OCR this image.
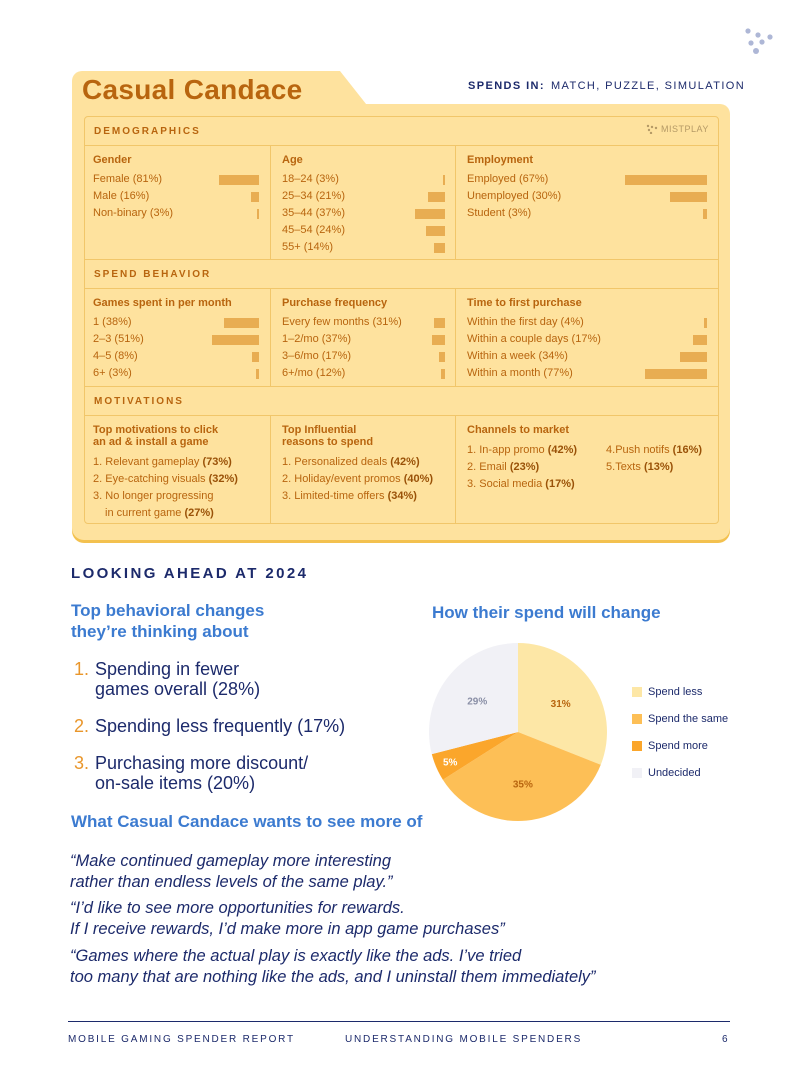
Casual Candace	SPENDS IN: MATCH, PUZZLE, SIMULATION
DEMOGRAPHICS
SPEND BEHAVIOR
MOTIVATIONS
MISTPLAY
Gender
Female (81%)
Male (16%)
Non-binary (3%)
Age
18–24 (3%)
25–34 (21%)
35–44 (37%)
45–54 (24%)
55+ (14%)
Employment
Employed (67%)
Unemployed (30%)
Student (3%)
Games spent in per month
1 (38%)
2–3 (51%)
4–5 (8%)
6+ (3%)
Purchase frequency
Every few months (31%)
1–2/mo (37%)
3–6/mo (17%)
6+/mo (12%)
Time to first purchase
Within the first day (4%)
Within a couple days (17%)
Within a week (34%)
Within a month (77%)
Top motivations to click
an ad & install a game
1. Relevant gameplay (73%)
2. Eye-catching visuals (32%)
3. No longer progressing
in current game (27%)
Top Influential
reasons to spend
1. Personalized deals (42%)
2. Holiday/event promos (40%)
3. Limited-time offers (34%)
Channels to market
1. In-app promo (42%)
2. Email (23%)
3. Social media (17%)
4.Push notifs (16%)
5.Texts (13%)
LOOKING AHEAD AT 2024
Top behavioral changes
they’re thinking about
1. Spending in fewer
games overall (28%)
2. Spending less frequently (17%)
3. Purchasing more discount/
on-sale items (20%)
How their spend will change
31%
35%
5%
29%
Spend less
Spend the same
Spend more
Undecided
What Casual Candace wants to see more of
“Make continued gameplay more interesting
rather than endless levels of the same play.”
“I’d like to see more opportunities for rewards.
If I receive rewards, I’d make more in app game purchases”
“Games where the actual play is exactly like the ads. I’ve tried
too many that are nothing like the ads, and I uninstall them immediately”
MOBILE GAMING SPENDER REPORT	UNDERSTANDING MOBILE SPENDERS	6
